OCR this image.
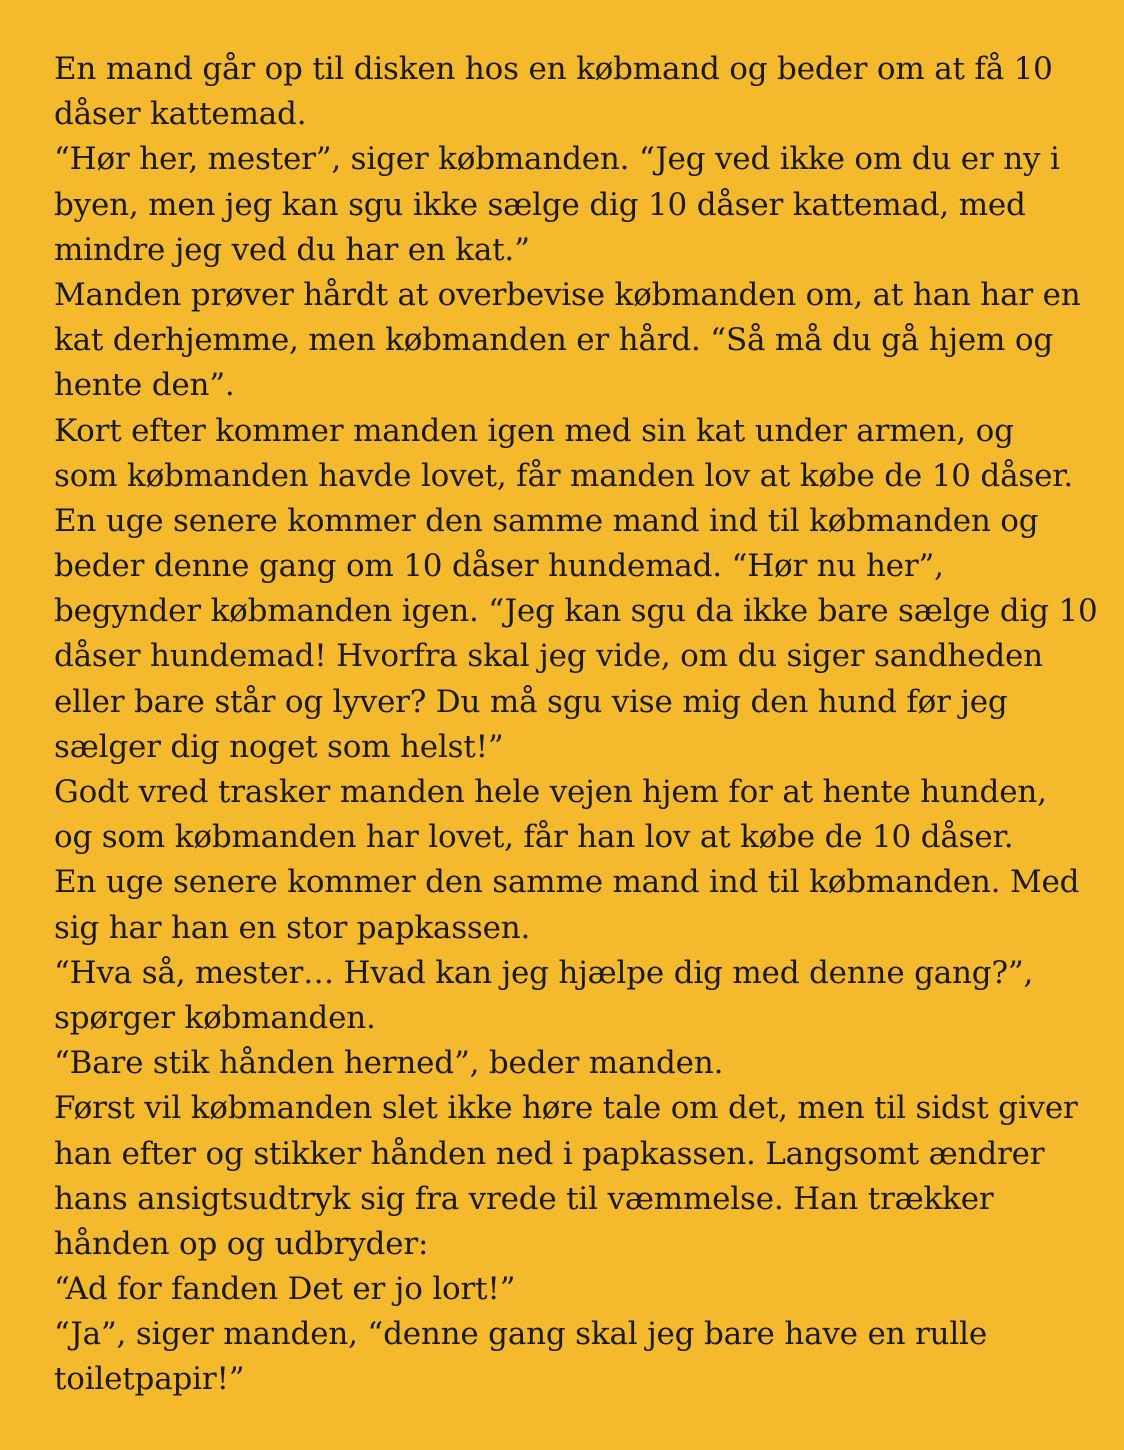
En mand går op til disken hos en købmand og beder om at få 10
dåser kattemad.
“Hør her, mester”, siger købmanden. “Jeg ved ikke om du er ny i
byen, men jeg kan sgu ikke sælge dig 10 dåser kattemad, med
mindre jeg ved du har en kat.”
Manden prøver hårdt at overbevise købmanden om, at han har en
kat derhjemme, men købmanden er hård. “Så må du gå hjem og
hente den”.
Kort efter kommer manden igen med sin kat under armen, og
som købmanden havde lovet, får manden lov at købe de 10 dåser.
En uge senere kommer den samme mand ind til købmanden og
beder denne gang om 10 dåser hundemad. “Hør nu her”,
begynder købmanden igen. “Jeg kan sgu da ikke bare sælge dig 10
dåser hundemad! Hvorfra skal jeg vide, om du siger sandheden
eller bare står og lyver? Du må sgu vise mig den hund før jeg
sælger dig noget som helst!”
Godt vred trasker manden hele vejen hjem for at hente hunden,
og som købmanden har lovet, får han lov at købe de 10 dåser.
En uge senere kommer den samme mand ind til købmanden. Med
sig har han en stor papkassen.
“Hva så, mester… Hvad kan jeg hjælpe dig med denne gang?”,
spørger købmanden.
“Bare stik hånden herned”, beder manden.
Først vil købmanden slet ikke høre tale om det, men til sidst giver
han efter og stikker hånden ned i papkassen. Langsomt ændrer
hans ansigtsudtryk sig fra vrede til væmmelse. Han trækker
hånden op og udbryder:
“Ad for fanden Det er jo lort!”
“Ja”, siger manden, “denne gang skal jeg bare have en rulle
toiletpapir!”
